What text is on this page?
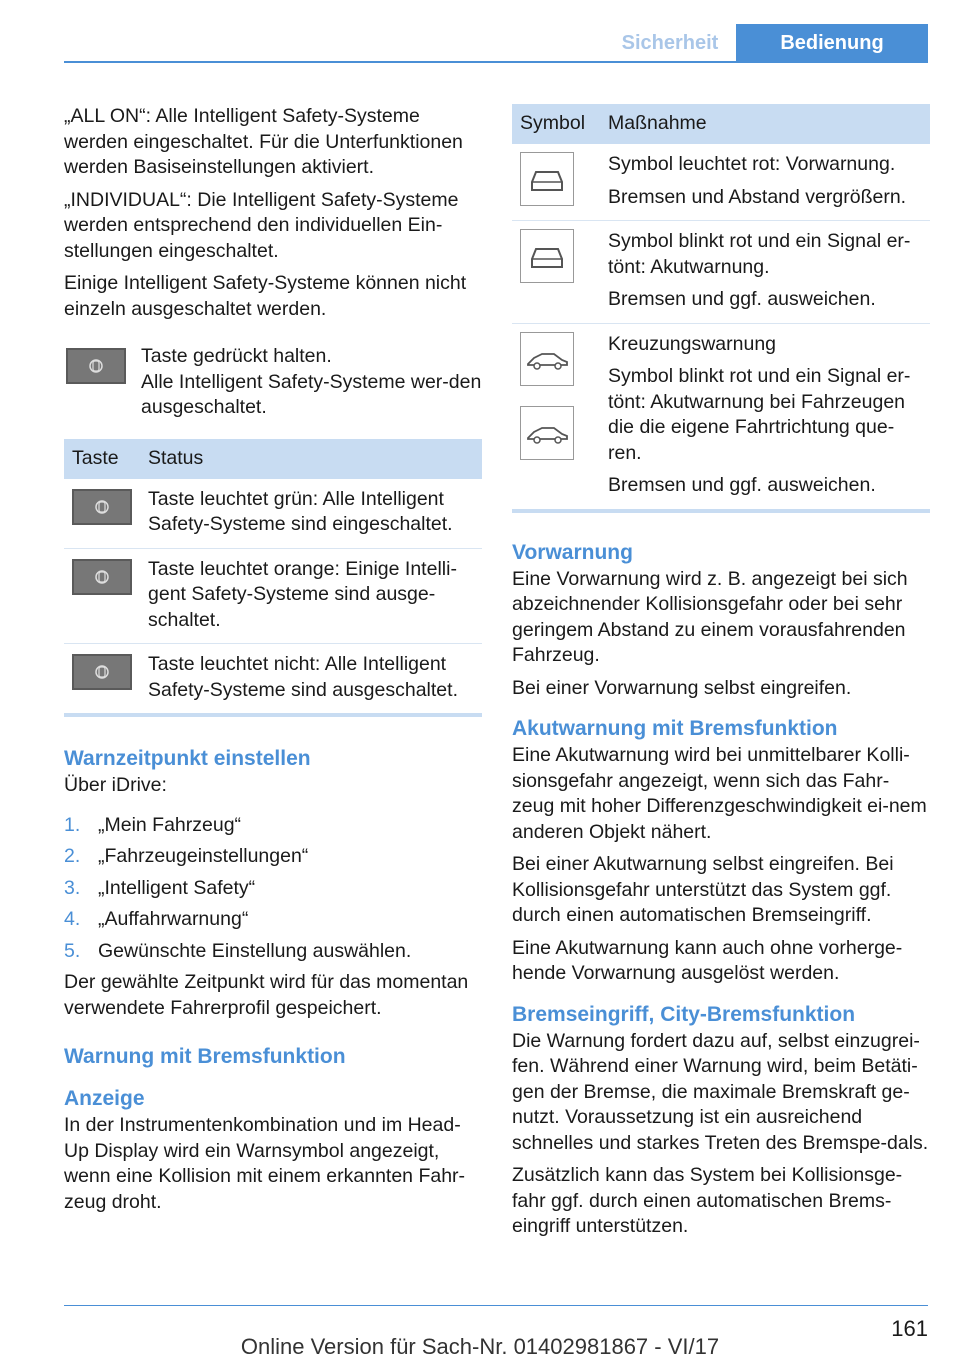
Sicherheit	Bedienung

„ALL ON“: Alle Intelligent Safety-Systeme werden eingeschaltet. Für die Unterfunktionen werden Basiseinstellungen aktiviert.

„INDIVIDUAL“: Die Intelligent Safety-Systeme werden entsprechend den individuellen Ein-stellungen eingeschaltet.

Einige Intelligent Safety-Systeme können nicht einzeln ausgeschaltet werden.

Taste gedrückt halten.
Alle Intelligent Safety-Systeme wer-den ausgeschaltet.
Taste	Status

	Taste leuchtet grün: Alle Intelligent Safety-Systeme sind eingeschaltet.

	Taste leuchtet orange: Einige Intelli-gent Safety-Systeme sind ausge-schaltet.

	Taste leuchtet nicht: Alle Intelligent Safety-Systeme sind ausgeschaltet.
Warnzeitpunkt einstellen

Über iDrive:

1. „Mein Fahrzeug“
2. „Fahrzeugeinstellungen“
3. „Intelligent Safety“
4. „Auffahrwarnung“
5. Gewünschte Einstellung auswählen.

Der gewählte Zeitpunkt wird für das momentan verwendete Fahrerprofil gespeichert.

Warnung mit Bremsfunktion
Anzeige

In der Instrumentenkombination und im Head-Up Display wird ein Warnsymbol angezeigt, wenn eine Kollision mit einem erkannten Fahr-zeug droht.

Symbol	Maßnahme

Symbol leuchtet rot: Vorwarnung.
Bremsen und Abstand vergrößern.

Symbol blinkt rot und ein Signal er-tönt: Akutwarnung.
Bremsen und ggf. ausweichen.

Kreuzungswarnung
Symbol blinkt rot und ein Signal er-tönt: Akutwarnung bei Fahrzeugen die die eigene Fahrtrichtung que-ren.
Bremsen und ggf. ausweichen.
Vorwarnung

Eine Vorwarnung wird z. B. angezeigt bei sich abzeichnender Kollisionsgefahr oder bei sehr geringem Abstand zu einem vorausfahrenden Fahrzeug.

Bei einer Vorwarnung selbst eingreifen.

Akutwarnung mit Bremsfunktion

Eine Akutwarnung wird bei unmittelbarer Kolli-sionsgefahr angezeigt, wenn sich das Fahr-zeug mit hoher Differenzgeschwindigkeit ei-nem anderen Objekt nähert.

Bei einer Akutwarnung selbst eingreifen. Bei Kollisionsgefahr unterstützt das System ggf. durch einen automatischen Bremseingriff.

Eine Akutwarnung kann auch ohne vorherge-hende Vorwarnung ausgelöst werden.

Bremseingriff, City-Bremsfunktion

Die Warnung fordert dazu auf, selbst einzugrei-fen. Während einer Warnung wird, beim Betäti-gen der Bremse, die maximale Bremskraft ge-nutzt. Voraussetzung ist ein ausreichend schnelles und starkes Treten des Bremspe-dals.

Zusätzlich kann das System bei Kollisionsge-fahr ggf. durch einen automatischen Brems-eingriff unterstützen.

161
Online Version für Sach-Nr. 01402981867 - VI/17
